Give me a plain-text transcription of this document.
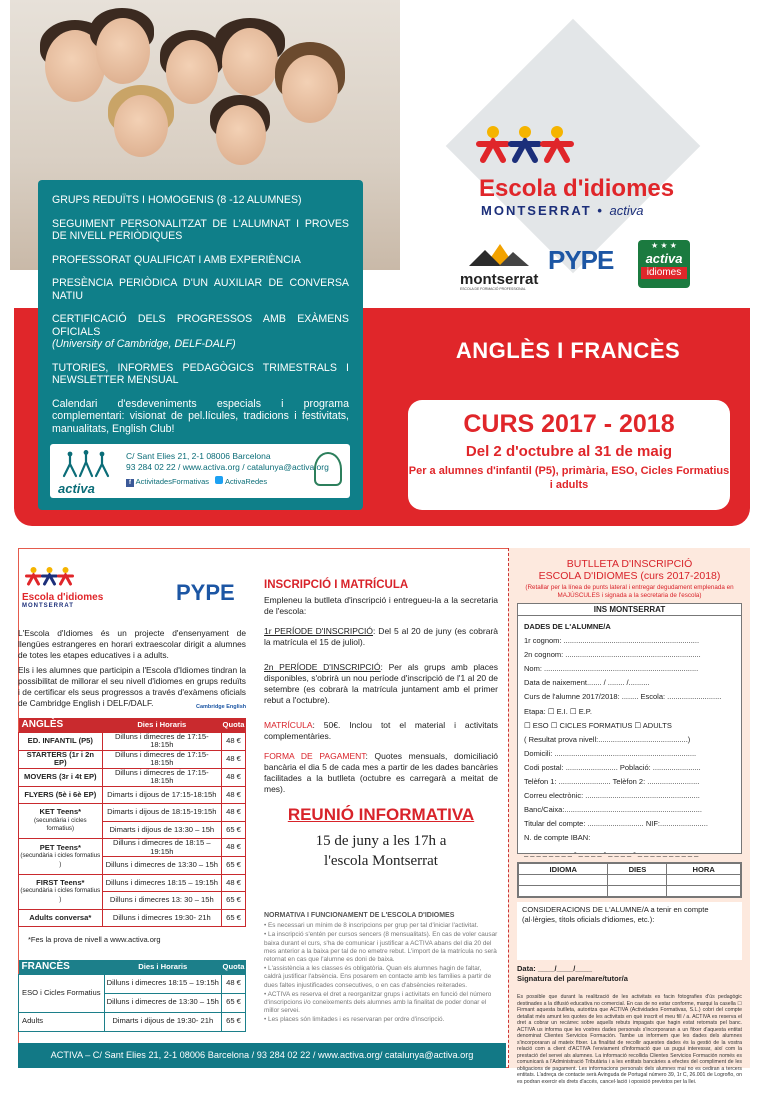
GRUPS REDUÏTS I HOMOGENIS (8 -12 ALUMNES)

SEGUIMENT PERSONALITZAT DE L'ALUMNAT I PROVES DE NIVELL PERIÒDIQUES

PROFESSORAT QUALIFICAT I AMB EXPERIÈNCIA

PRESÈNCIA PERIÒDICA D'UN AUXILIAR DE CONVERSA NATIU

CERTIFICACIÓ DELS PROGRESSOS AMB EXÀMENS OFICIALS
(University of Cambridge, DELF-DALF)

TUTORIES, INFORMES PEDAGÒGICS TRIMESTRALS I NEWSLETTER MENSUAL

Calendari d'esdeveniments especials i programa complementari: visionat de pel.lícules, tradicions i festivitats, manualitats, English Club!

activa
C/ Sant Elies 21, 2-1 08006 Barcelona
93 284 02 22 / www.activa.org / catalunya@activa.org
f ActivitadesFormativas ActivaRedes
Escola d'idiomes
MONTSERRAT • activa
montserrat
ESCOLA DE FORMACIÓ PROFESSIONAL
PYPE	★ ★ ★
activa
idiomes
ANGLÈS I FRANCÈS
CURS 2017 - 2018
Del 2 d'octubre al 31 de maig
Per a alumnes d'infantil (P5), primària, ESO, Cicles Formatius i adults
Escola d'idiomes
MONTSERRAT
PYPE

L'Escola d'Idiomes és un projecte d'ensenyament de llengües estrangeres en horari extraescolar dirigit a alumnes de totes les etapes educatives i a adults.

Els i les alumnes que participin a l'Escola d'Idiomes tindran la possibilitat de millorar el seu nivell d'idiomes en grups reduïts i de certificar els seus progressos a través d'exàmens oficials de Cambridge English i DELF/DALF.	Cambridge English
ANGLÈS	Dies i Horaris	Quota
ED. INFANTIL (P5)	Dilluns i dimecres de 17:15-18:15h	48 €
STARTERS (1r i 2n EP)	Dilluns i dimecres de 17:15-18:15h	48 €
MOVERS (3r i 4t EP)	Dilluns i dimecres de 17:15-18:15h	48 €
FLYERS (5è i 6è EP)	Dimarts i dijous de 17:15-18:15h	48 €
KET Teens*
(secundària i cicles formatius)	Dimarts i dijous de 18:15-19:15h	48 €
	Dimarts i dijous de 13:30 – 15h	65 €
PET Teens*
(secundària i cicles formatius )	Dilluns i dimecres de 18:15 – 19:15h	48 €
	Dilluns i dimecres de 13:30 – 15h	65 €
FIRST Teens*
(secundària i cicles formatius )	Dilluns i dimecres 18:15 – 19:15h	48 €
	Dilluns i dimecres 13: 30 – 15h	65 €
Adults conversa*	Dilluns i dimecres 19:30- 21h	65 €
*Fes la prova de nivell a www.activa.org
FRANCÈS	Dies i Horaris	Quota
ESO i Cicles Formatius	Dilluns i dimecres 18:15 – 19:15h	48 €
	Dilluns i dimecres de 13:30 – 15h	65 €
Adults	Dimarts i dijous de 19:30- 21h	65 €
INSCRIPCIÓ I MATRÍCULA

Empleneu la butlleta d'inscripció i entregueu-la a la secretaria de l'escola:

1r PERÍODE D'INSCRIPCIÓ: Del 5 al 20 de juny (es cobrarà la matrícula el 15 de juliol).

2n PERÍODE D'INSCRIPCIÓ: Per als grups amb places disponibles, s'obrirà un nou període d'inscripció de l'1 al 20 de setembre (es cobrarà la matrícula juntament amb el primer rebut a l'octubre).

MATRÍCULA: 50€. Inclou tot el material i activitats complementàries.

FORMA DE PAGAMENT: Quotes mensuals, domiciliació bancària el dia 5 de cada mes a partir de les dades bancàries facilitades a la butlleta (octubre es carregarà a meitat de mes).

REUNIÓ INFORMATIVA
15 de juny a les 17h a
l'escola Montserrat
NORMATIVA I FUNCIONAMENT DE L'ESCOLA D'IDIOMES
• Es necessari un mínim de 8 inscripcions per grup per tal d'iniciar l'activitat.
• La inscripció s'entén per cursos sencers (8 mensualitats). En cas de voler causar baixa durant el curs, s'ha de comunicar i justificar a ACTIVA abans del dia 20 del mes anterior a la baixa per tal de no emetre rebut. L'import de la matrícula no serà retornat en cas que l'alumne es doni de baixa.
• L'assistència a les classes és obligatòria. Quan els alumnes hagin de faltar, caldrà justificar l'absència. Ens posarem en contacte amb les famílies a partir de dues faltes injustificades consecutives, o en cas d'absències reiterades.
• ACTIVA es reserva el dret a reorganitzar grups i activitats en funció del número d'inscripcions i/o coneixements dels alumnes amb la finalitat de poder donar el millor servei.
• Les places són limitades i es reservaran per ordre d'inscripció.
BUTLLETA D'INSCRIPCIÓ
ESCOLA D'IDIOMES (curs 2017-2018)
(Retallar per la línea de punts lateral i entregar degudament emplenada en MAJÚSCULES i signada a la secretaria de l'escola)
INS MONTSERRAT
DADES DE L'ALUMNE/A
1r cognom: .................................................................
2n cognom: .................................................................
Nom: ..........................................................................
Data de naixement....... / ........ /..........
Curs de l'alumne 2017/2018: ........ Escola: ..........................
Etapa: ☐ E.I. ☐ E.P.
☐ ESO ☐ CICLES FORMATIUS ☐ ADULTS
( Resultat prova nivell:...........................................)
Domicili: ....................................................................
Codi postal: ......................... Població: .......................
Telèfon 1: ......................... Telèfon 2: .........................
Correu electrònic: .......................................................
Banc/Caixa:..................................................................
Titular del compte: ........................... NIF:.......................
N. de compte IBAN:
_ _ _ _ _ _ _ _ - _ _ _ _ - _ _ _ _ - _ _ _ _ _ _ _ _ _ _
IDIOMA	DIES	HORA

CONSIDERACIONS DE L'ALUMNE/A a tenir en compte (al·lèrgies, títols oficials d'idiomes, etc.):
Data: ____/____/____
Signatura del pare/mare/tutor/a
Es possible que durant la realització de les activitats es facin fotografies d'ús pedagògic destinades a la difusió educativa no comercial. En cas de no estar conforme, marqui la casella ☐ Firmant aquesta butlleta, autoritza que ACTIVA (Actividades Formativas, S.L.) cobri del compte detallat més amunt les quotes de les activitats en què inscrit el meu fill / a. ACTIVA es reserva el dret a cobrar un recàrrec sobre aquells rebuts impagats que hagin estat retornats pel banc. ACTIVA us informa que les vostres dades personals s'incorporaran a un fitxer d'aquesta entitat denominat Clientes Servicios Formación. Tambe us informem que les dades dels alumnes s'incorporaran al mateix fitxer. La finalitat de recollir aquestes dades és la gestió de la vostra relació com a client d'ACTIVA l'enviament d'informació que us pugui interessar, així com la prestació del servei als alumnes. La informació recollida Clientes Servicios Formación només es comunicarà a l'Administració Tributària i a les entitats bancàries a efectes del compliment de les obligacions de pagament. Les informacions personals dels alumnes mai no es cediran a tercers entitats. L'adreça de contacte serà Avinguda de Portugal número 39, 1r C, 26.001 de Logroño, on es podran exercir els drets d'accés, cancel·lació i oposició previstos per la llei.
ACTIVA – C/ Sant Elies 21, 2-1 08006 Barcelona / 93 284 02 22 / www.activa.org/ catalunya@activa.org
